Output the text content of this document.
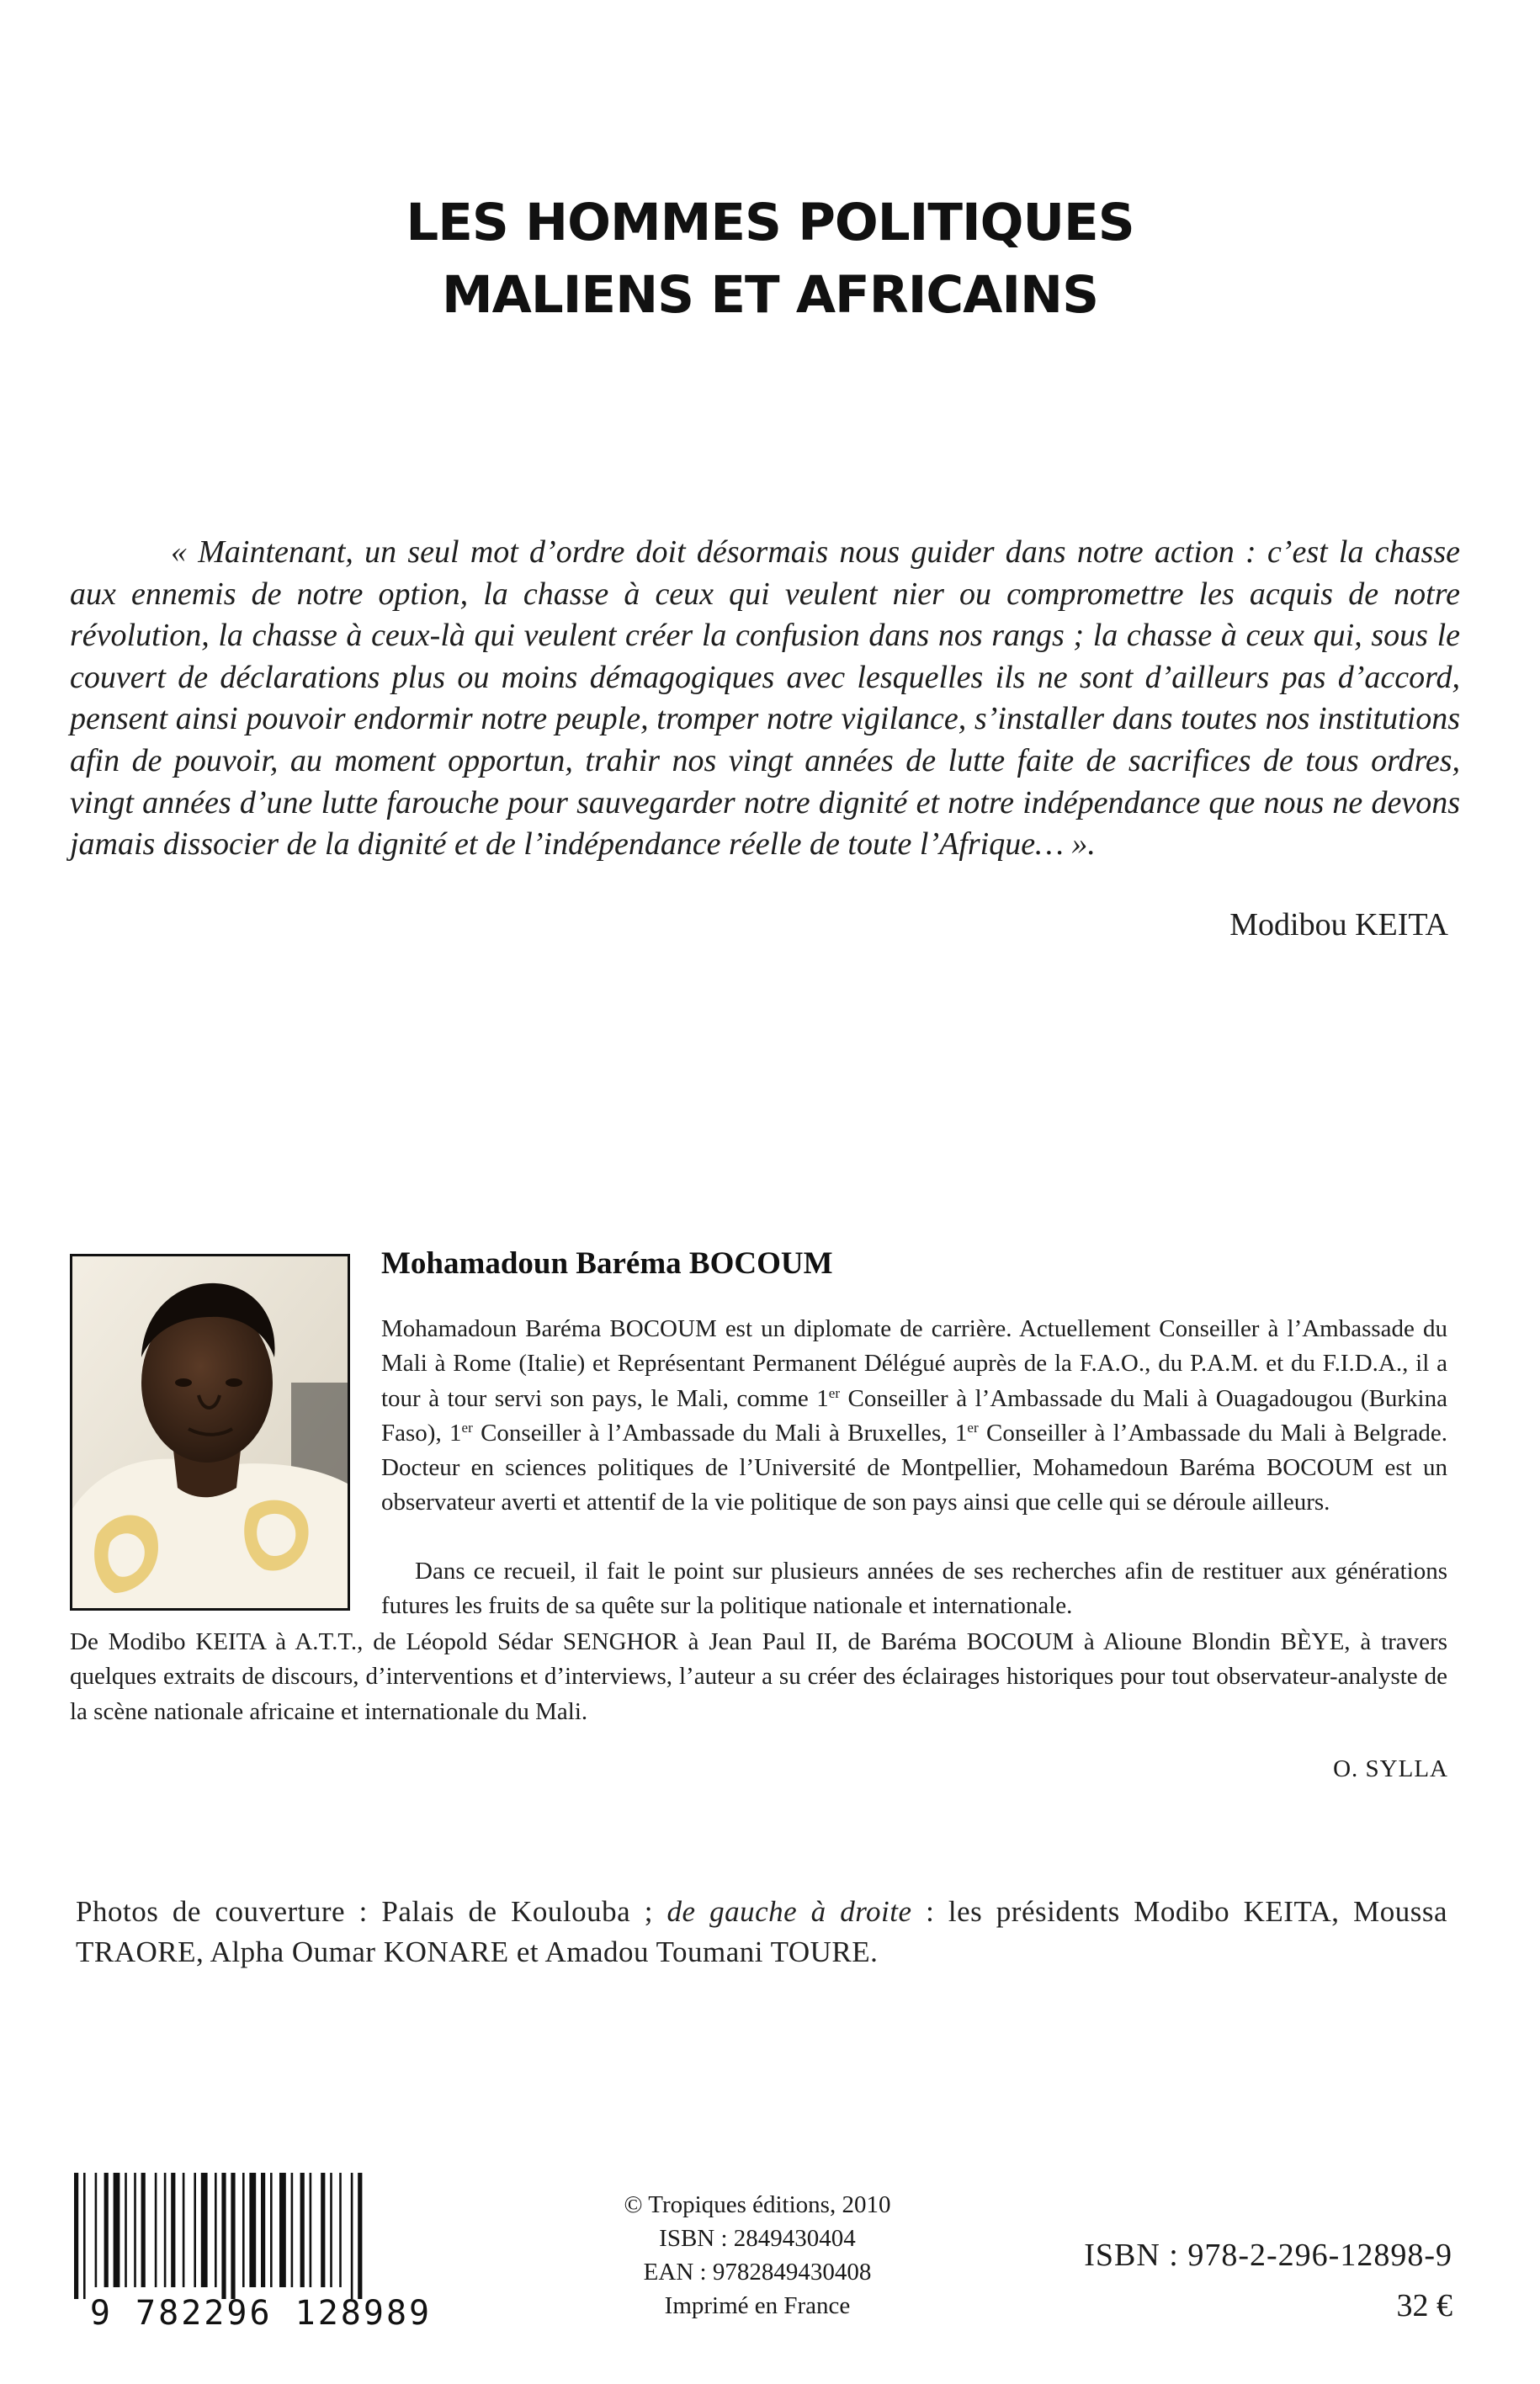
LES HOMMES POLITIQUES
MALIENS ET AFRICAINS

« Maintenant, un seul mot d’ordre doit désormais nous guider dans notre action : c’est la chasse aux ennemis de notre option, la chasse à ceux qui veulent nier ou compromettre les acquis de notre révolution, la chasse à ceux-là qui veulent créer la confusion dans nos rangs ; la chasse à ceux qui, sous le couvert de déclarations plus ou moins démagogiques avec lesquelles ils ne sont d’ailleurs pas d’accord, pensent ainsi pouvoir endormir notre peuple, tromper notre vigilance, s’installer dans toutes nos institutions afin de pouvoir, au moment opportun, trahir nos vingt années de lutte faite de sacrifices de tous ordres, vingt années d’une lutte farouche pour sauvegarder notre dignité et notre indépendance que nous ne devons jamais dissocier de la dignité et de l’indépendance réelle de toute l’Afrique… ».

Modibou KEITA
Mohamadoun Baréma BOCOUM

Mohamadoun Baréma BOCOUM est un diplomate de carrière. Actuellement Conseiller à l’Ambassade du Mali à Rome (Italie) et Représentant Permanent Délégué auprès de la F.A.O., du P.A.M. et du F.I.D.A., il a tour à tour servi son pays, le Mali, comme 1er Conseiller à l’Ambassade du Mali à Ouagadougou (Burkina Faso), 1er Conseiller à l’Ambassade du Mali à Bruxelles, 1er Conseiller à l’Ambassade du Mali à Belgrade. Docteur en sciences politiques de l’Université de Montpellier, Mohamedoun Baréma BOCOUM est un observateur averti et attentif de la vie politique de son pays ainsi que celle qui se déroule ailleurs.

Dans ce recueil, il fait le point sur plusieurs années de ses recherches afin de restituer aux générations futures les fruits de sa quête sur la politique nationale et internationale.

De Modibo KEITA à A.T.T., de Léopold Sédar SENGHOR à Jean Paul II, de Baréma BOCOUM à Alioune Blondin BÈYE, à travers quelques extraits de discours, d’interventions et d’interviews, l’auteur a su créer des éclairages historiques pour tout observateur-analyste de la scène nationale africaine et internationale du Mali.

O. SYLLA

Photos de couverture : Palais de Koulouba ; de gauche à droite : les présidents Modibo KEITA, Moussa TRAORE, Alpha Oumar KONARE et Amadou Toumani TOURE.

9 782296 128989
© Tropiques éditions, 2010
ISBN : 2849430404
EAN : 9782849430408
Imprimé en France
ISBN : 978-2-296-12898-9
32 €
